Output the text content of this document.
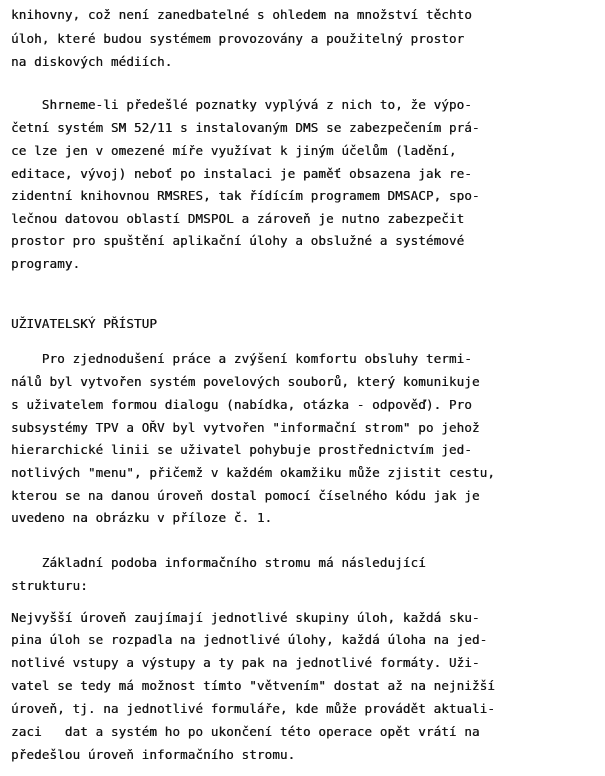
knihovny, což není zanedbatelné s ohledem na množství těchto
úloh, které budou systémem provozovány a použitelný prostor
na diskových médiích.
Shrneme-li předešlé poznatky vyplývá z nich to, že výpo-
četní systém SM 52/11 s instalovaným DMS se zabezpečením prá-
ce lze jen v omezené míře využívat k jiným účelům (ladění,
editace, vývoj) neboť po instalaci je paměť obsazena jak re-
zidentní knihovnou RMSRES, tak řídícím programem DMSACP, spo-
lečnou datovou oblastí DMSPOL a zároveň je nutno zabezpečit
prostor pro spuštění aplikační úlohy a obslužné a systémové
programy.
UŽIVATELSKÝ PŘÍSTUP
Pro zjednodušení práce a zvýšení komfortu obsluhy termi-
nálů byl vytvořen systém povelových souborů, který komunikuje
s uživatelem formou dialogu (nabídka, otázka - odpověď). Pro
subsystémy TPV a OŘV byl vytvořen "informační strom" po jehož
hierarchické linii se uživatel pohybuje prostřednictvím jed-
notlivých "menu", přičemž v každém okamžiku může zjistit cestu,
kterou se na danou úroveň dostal pomocí číselného kódu jak je
uvedeno na obrázku v příloze č. 1.
Základní podoba informačního stromu má následující
strukturu:
Nejvyšší úroveň zaujímají jednotlivé skupiny úloh, každá sku-
pina úloh se rozpadla na jednotlivé úlohy, každá úloha na jed-
notlivé vstupy a výstupy a ty pak na jednotlivé formáty. Uži-
vatel se tedy má možnost tímto "větvením" dostat až na nejnižší
úroveň, tj. na jednotlivé formuláře, kde může provádět aktuali-
zaci   dat a systém ho po ukončení této operace opět vrátí na
předešlou úroveň informačního stromu.
